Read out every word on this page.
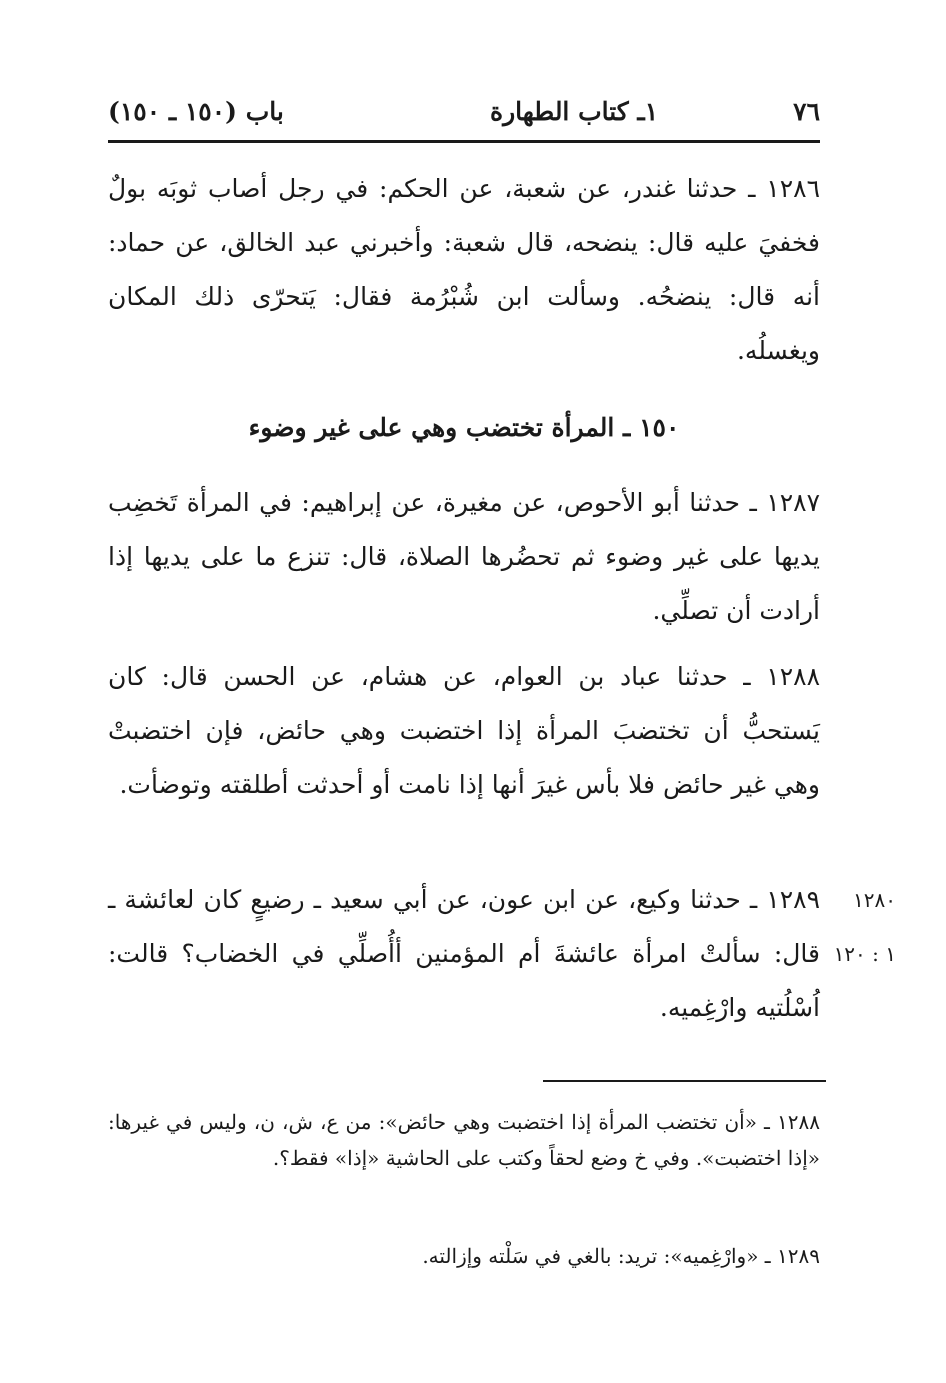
٧٦
١ـ كتاب الطهارة
باب (١٥٠ ـ ١٥٠)
١٢٨٦ ـ حدثنا غندر، عن شعبة، عن الحكم: في رجل أصاب ثوبَه بولٌ فخفيَ عليه قال: ينضحه، قال شعبة: وأخبرني عبد الخالق، عن حماد: أنه قال: ينضحُه. وسألت ابن شُبْرُمة فقال: يَتحرّى ذلك المكان ويغسلُه.
١٥٠ ـ المرأة تختضب وهي على غير وضوء
١٢٨٧ ـ حدثنا أبو الأحوص، عن مغيرة، عن إبراهيم: في المرأة تَخضِب يديها على غير وضوء ثم تحضُرها الصلاة، قال: تنزع ما على يديها إذا أرادت أن تصلِّي.
١٢٨٨ ـ حدثنا عباد بن العوام، عن هشام، عن الحسن قال: كان يَستحبُّ أن تختضبَ المرأة إذا اختضبت وهي حائض، فإن اختضبتْ وهي غير حائض فلا بأس غيرَ أنها إذا نامت أو أحدثت أطلقته وتوضأت.
١٢٨٩ ـ حدثنا وكيع، عن ابن عون، عن أبي سعيد ـ رضيعٍ كان لعائشة ـ قال: سألتْ امرأة عائشةَ أم المؤمنين أأُصلِّي في الخضاب؟ قالت: اُسْلُتيه وارْغِميه.
١٢٨٠
١ : ١٢٠
١٢٨٨ ـ «أن تختضب المرأة إذا اختضبت وهي حائض»: من ع، ش، ن، وليس في غيرها: «إذا اختضبت». وفي خ وضع لحقاً وكتب على الحاشية «إذا» فقط؟.
١٢٨٩ ـ «وارْغِميه»: تريد: بالغي في سَلْته وإزالته.
